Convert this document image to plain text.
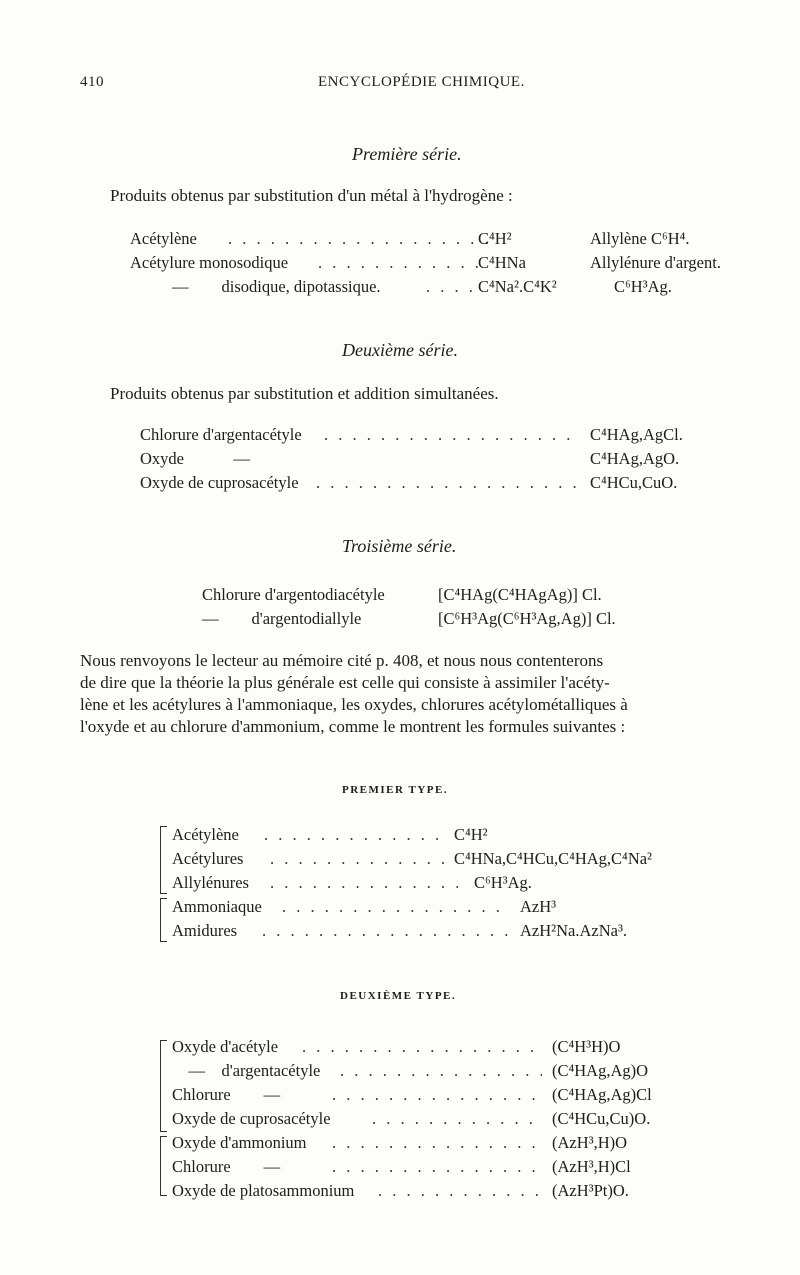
410	ENCYCLOPÉDIE CHIMIQUE.
Première série.
Produits obtenus par substitution d'un métal à l'hydrogène :
Acétylène . . .	C⁴H²	Allylène C⁶H⁴.
Acétylure monosodique . . .	C⁴HNa	Allylénure d'argent.
—  disodique, dipotassique. . . .	C⁴Na².C⁴K²	C⁶H³Ag.
Deuxième série.
Produits obtenus par substitution et addition simultanées.
Chlorure d'argentacétyle . . .	C⁴HAg,AgCl.
Oxyde   —	C⁴HAg,AgO.
Oxyde de cuprosacétyle . . .	C⁴HCu,CuO.
Troisième série.
Chlorure d'argentodiacétyle	[C⁴HAg(C⁴HAgAg)] Cl.
—  d'argentodiallyle	[C⁶H³Ag(C⁶H³Ag,Ag)] Cl.
Nous renvoyons le lecteur au mémoire cité p. 408, et nous nous contenterons
de dire que la théorie la plus générale est celle qui consiste à assimiler l'acéty-
lène et les acétylures à l'ammoniaque, les oxydes, chlorures acétylométalliques à
l'oxyde et au chlorure d'ammonium, comme le montrent les formules suivantes :
PREMIER TYPE.
Acétylène . . .	C⁴H²
Acétylures . . .	C⁴HNa,C⁴HCu,C⁴HAg,C⁴Na²
Allylénures . . .	C⁶H³Ag.
Ammoniaque . . .	AzH³
Amidures . . .	AzH²Na.AzNa³.
DEUXIÈME TYPE.
Oxyde d'acétyle . . .	(C⁴H³H)O
 — d'argentacétyle . . .	(C⁴HAg,Ag)O
Chlorure  — . . .	(C⁴HAg,Ag)Cl
Oxyde de cuprosacétyle . . .	(C⁴HCu,Cu)O.
Oxyde d'ammonium . . .	(AzH³,H)O
Chlorure  — . . .	(AzH³,H)Cl
Oxyde de platosammonium . . .	(AzH³Pt)O.
